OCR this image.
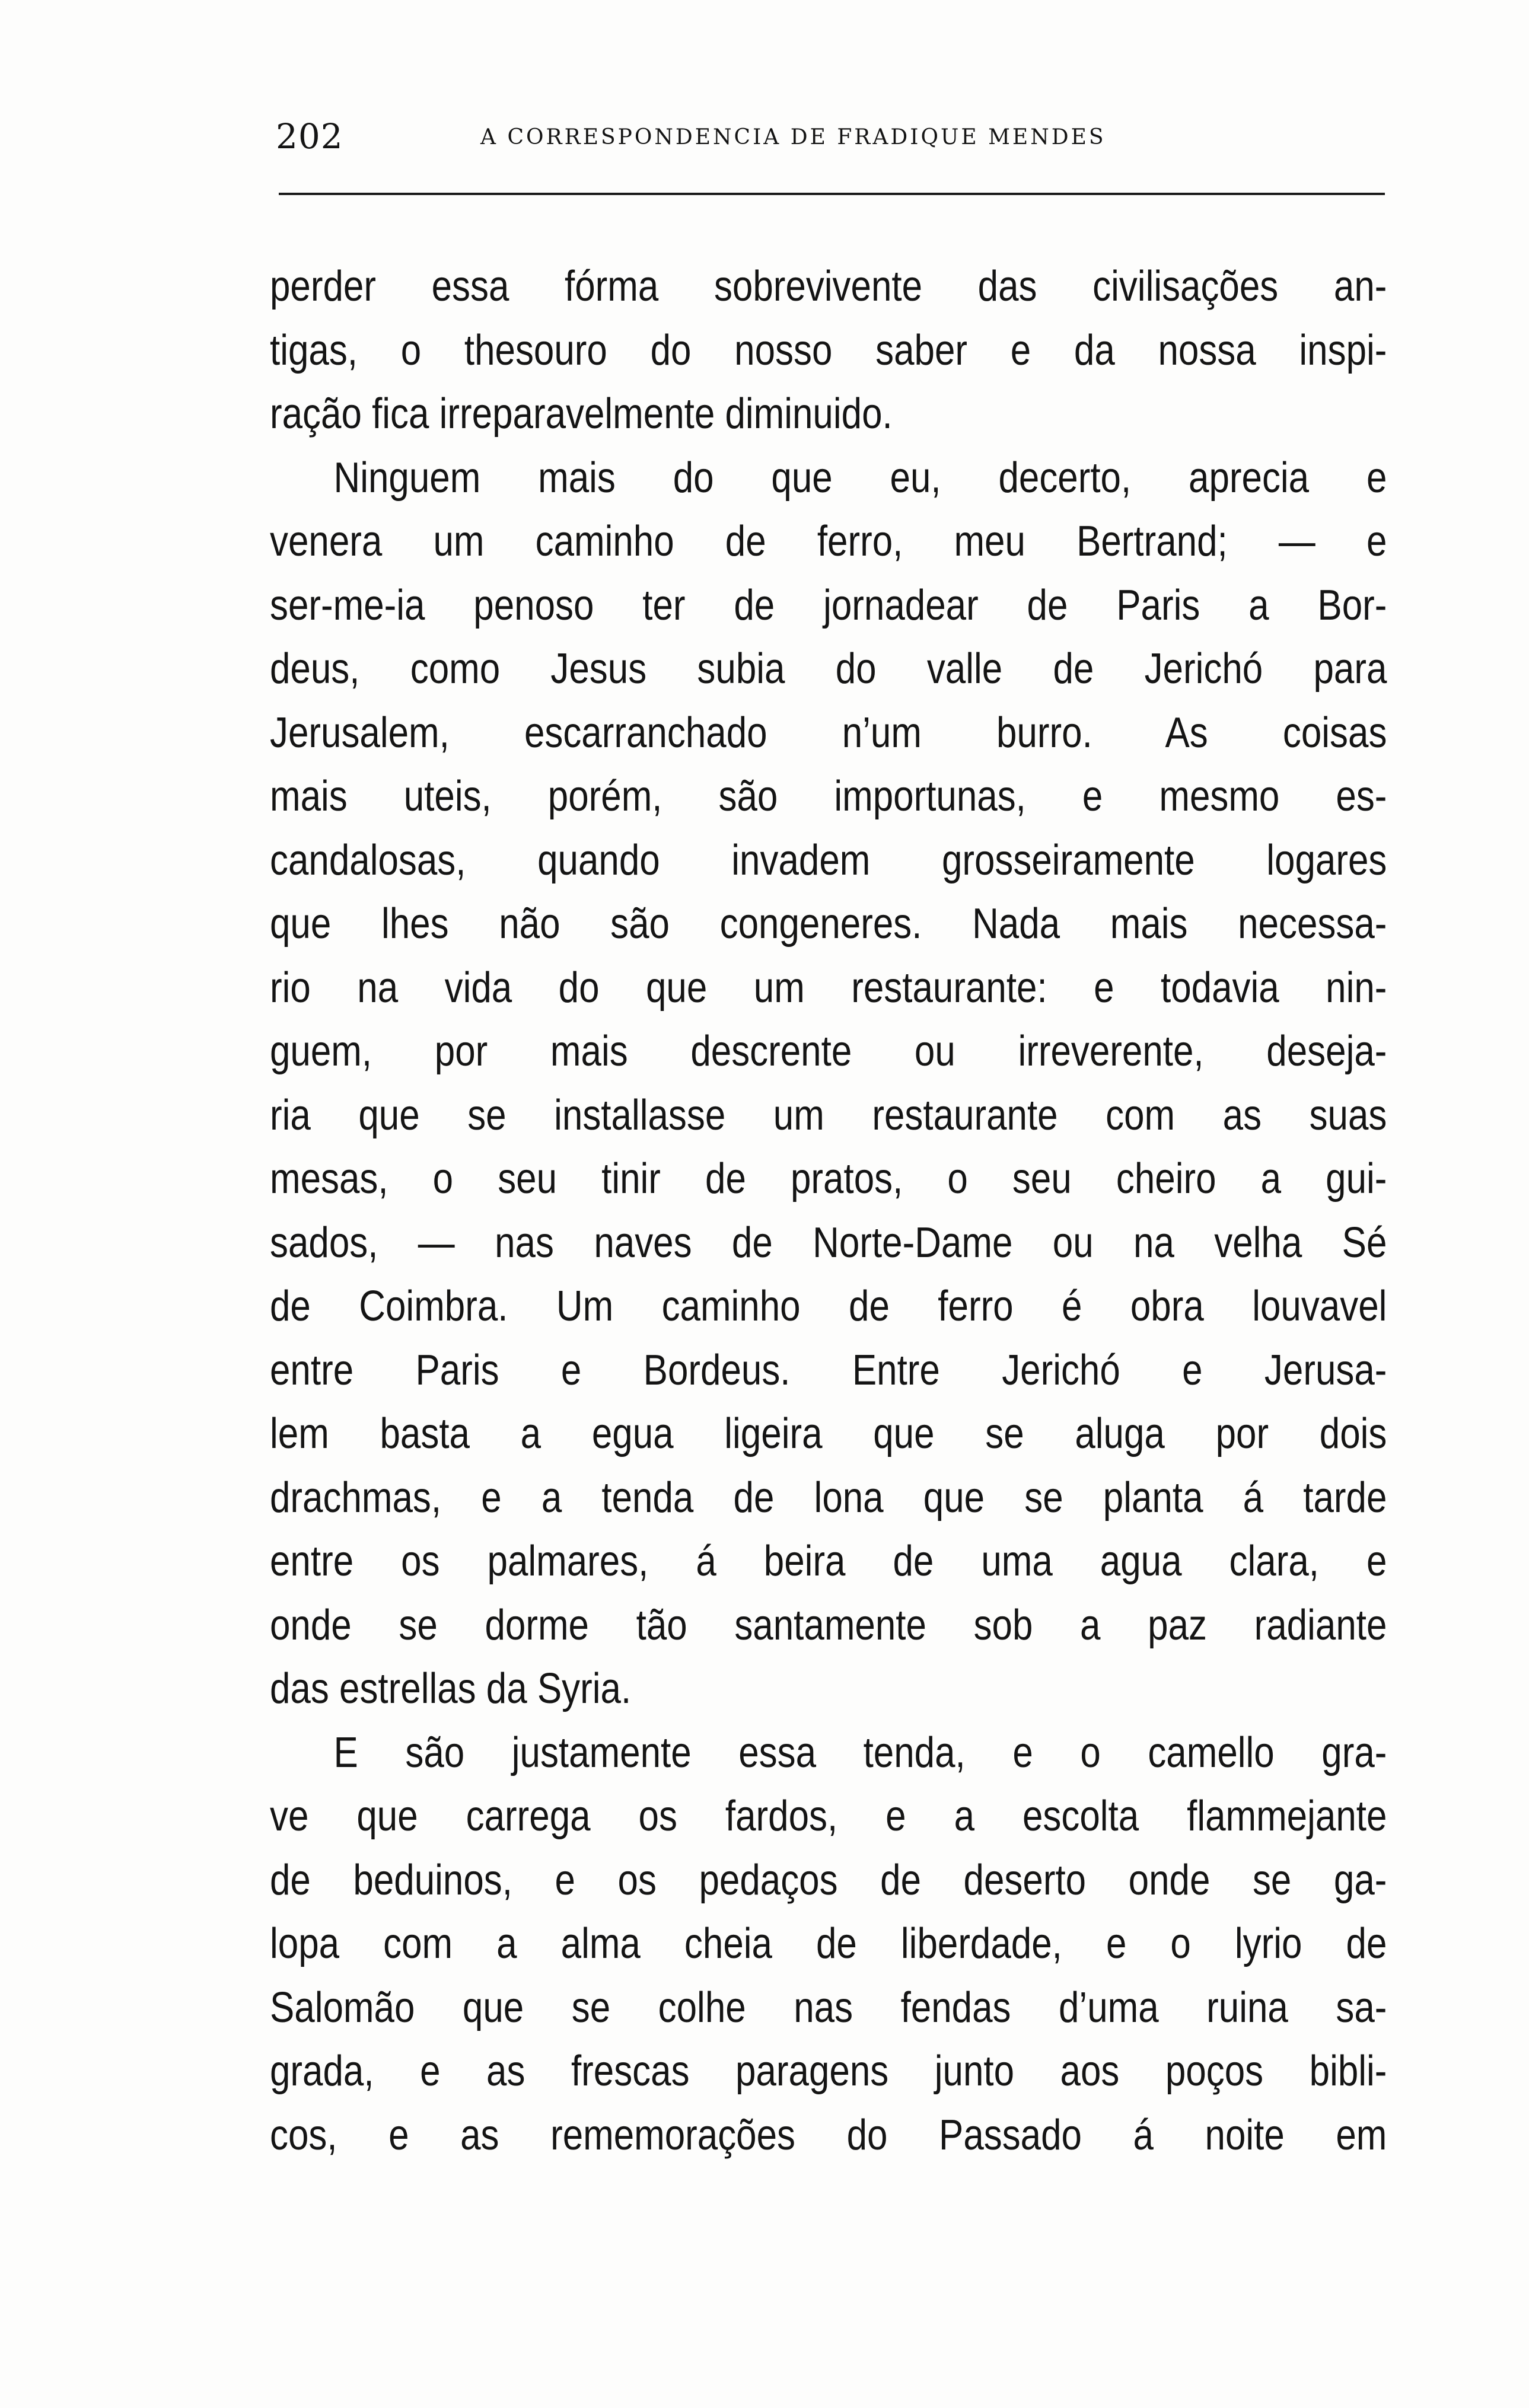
202	A CORRESPONDENCIA DE FRADIQUE MENDES
perder essa fórma sobrevivente das civilisações an-
tigas, o thesouro do nosso saber e da nossa inspi-
ração fica irreparavelmente diminuido.
Ninguem mais do que eu, decerto, aprecia e
venera um caminho de ferro, meu Bertrand; — e
ser-me-ia penoso ter de jornadear de Paris a Bor-
deus, como Jesus subia do valle de Jerichó para
Jerusalem, escarranchado n’um burro. As coisas
mais uteis, porém, são importunas, e mesmo es-
candalosas, quando invadem grosseiramente logares
que lhes não são congeneres. Nada mais necessa-
rio na vida do que um restaurante: e todavia nin-
guem, por mais descrente ou irreverente, deseja-
ria que se installasse um restaurante com as suas
mesas, o seu tinir de pratos, o seu cheiro a gui-
sados, — nas naves de Norte-Dame ou na velha Sé
de Coimbra. Um caminho de ferro é obra louvavel
entre Paris e Bordeus. Entre Jerichó e Jerusa-
lem basta a egua ligeira que se aluga por dois
drachmas, e a tenda de lona que se planta á tarde
entre os palmares, á beira de uma agua clara, e
onde se dorme tão santamente sob a paz radiante
das estrellas da Syria.
E são justamente essa tenda, e o camello gra-
ve que carrega os fardos, e a escolta flammejante
de beduinos, e os pedaços de deserto onde se ga-
lopa com a alma cheia de liberdade, e o lyrio de
Salomão que se colhe nas fendas d’uma ruina sa-
grada, e as frescas paragens junto aos poços bibli-
cos, e as rememorações do Passado á noite em
